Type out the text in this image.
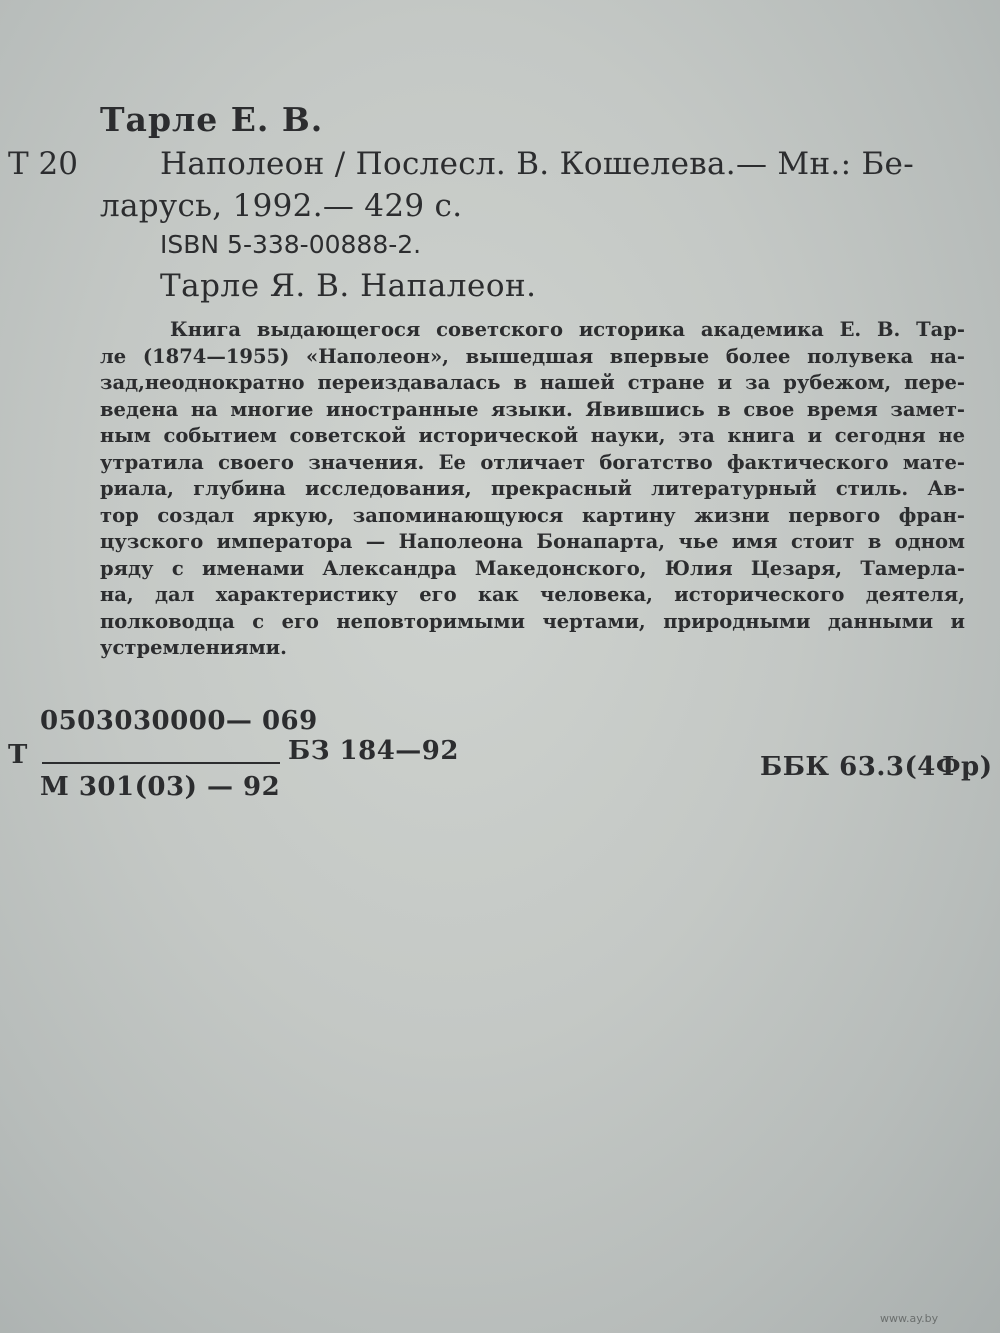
Тарле Е. В.
Т 20	Наполеон / Послесл. В. Кошелева.— Мн.: Бе-
ларусь, 1992.— 429 с.
ISBN 5-338-00888-2.
Тарле Я. В. Напалеон.
Книга выдающегося советского историка академика Е. В. Тар-
ле (1874—1955) «Наполеон», вышедшая впервые более полувека на-
зад,неоднократно переиздавалась в нашей стране и за рубежом, пере-
ведена на многие иностранные языки. Явившись в свое время замет-
ным событием советской исторической науки, эта книга и сегодня не
утратила своего значения. Ее отличает богатство фактического мате-
риала, глубина исследования, прекрасный литературный стиль. Ав-
тор создал яркую, запоминающуюся картину жизни первого фран-
цузского императора — Наполеона Бонапарта, чье имя стоит в одном
ряду с именами Александра Македонского, Юлия Цезаря, Тамерла-
на, дал характеристику его как человека, исторического деятеля,
полководца с его неповторимыми чертами, природными данными и
устремлениями.
0503030000— 069
Т	БЗ 184—92
М 301(03) — 92
ББК 63.3(4Фр)
www.ay.by
